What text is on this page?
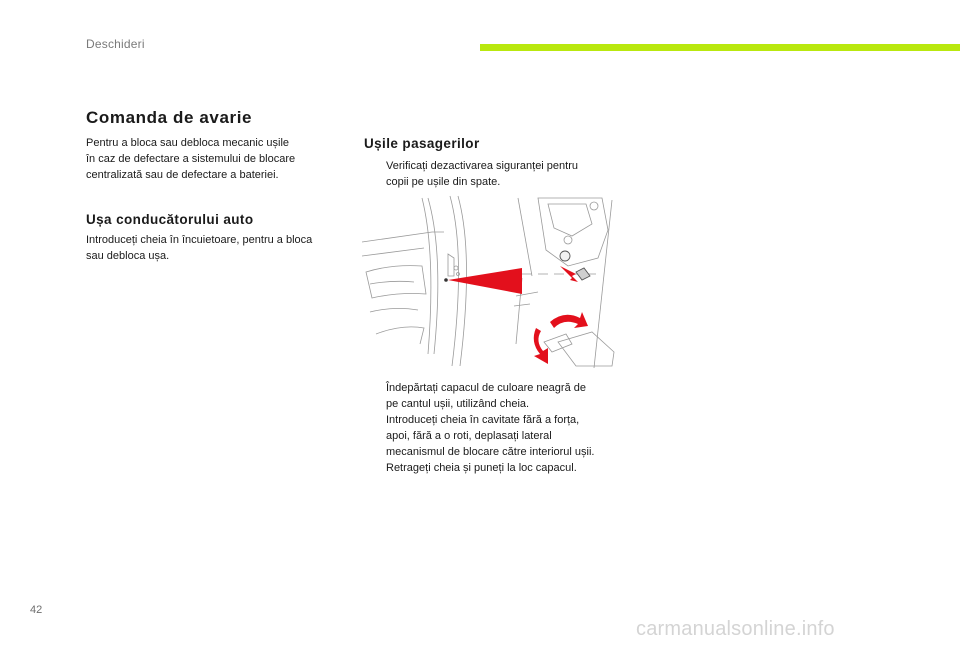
Deschideri
Comanda de avarie
Pentru a bloca sau debloca mecanic ușile
în caz de defectare a sistemului de blocare
centralizată sau de defectare a bateriei.
Ușa conducătorului auto
Introduceți cheia în încuietoare, pentru a bloca
sau debloca ușa.
Ușile pasagerilor
Verificați dezactivarea siguranței pentru
copii pe ușile din spate.
Îndepărtați capacul de culoare neagră de
pe cantul ușii, utilizând cheia.
Introduceți cheia în cavitate fără a forța,
apoi, fără a o roti, deplasați lateral
mecanismul de blocare către interiorul ușii.
Retrageți cheia și puneți la loc capacul.
42
carmanualsonline.info
